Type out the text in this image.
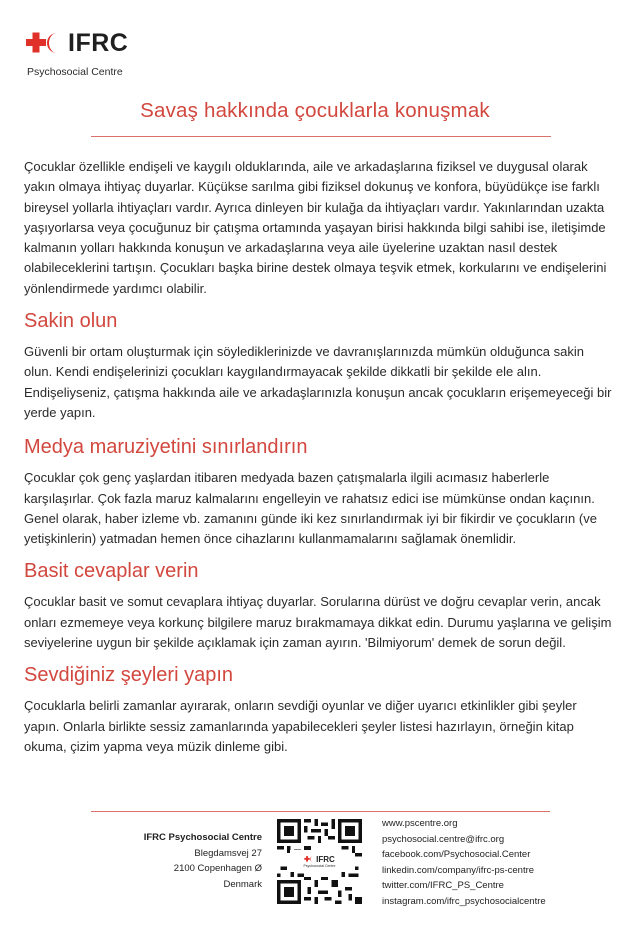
IFRC
Psychosocial Centre
Savaş hakkında çocuklarla konuşmak

Çocuklar özellikle endişeli ve kaygılı olduklarında, aile ve arkadaşlarına fiziksel ve duygusal olarak yakın olmaya ihtiyaç duyarlar. Küçükse sarılma gibi fiziksel dokunuş ve konfora, büyüdükçe ise farklı bireysel yollarla ihtiyaçları vardır. Ayrıca dinleyen bir kulağa da ihtiyaçları vardır. Yakınlarından uzakta yaşıyorlarsa veya çocuğunuz bir çatışma ortamında yaşayan birisi hakkında bilgi sahibi ise, iletişimde kalmanın yolları hakkında konuşun ve arkadaşlarına veya aile üyelerine uzaktan nasıl destek olabileceklerini tartışın. Çocukları başka birine destek olmaya teşvik etmek, korkularını ve endişelerini yönlendirmede yardımcı olabilir.

Sakin olun

Güvenli bir ortam oluşturmak için söylediklerinizde ve davranışlarınızda mümkün olduğunca sakin olun. Kendi endişelerinizi çocukları kaygılandırmayacak şekilde dikkatli bir şekilde ele alın. Endişeliyseniz, çatışma hakkında aile ve arkadaşlarınızla konuşun ancak çocukların erişemeyeceği bir yerde yapın.

Medya maruziyetini sınırlandırın

Çocuklar çok genç yaşlardan itibaren medyada bazen çatışmalarla ilgili acımasız haberlerle karşılaşırlar. Çok fazla maruz kalmalarını engelleyin ve rahatsız edici ise mümkünse ondan kaçının. Genel olarak, haber izleme vb. zamanını günde iki kez sınırlandırmak iyi bir fikirdir ve çocukların (ve yetişkinlerin) yatmadan hemen önce cihazlarını kullanmamalarını sağlamak önemlidir.

Basit cevaplar verin

Çocuklar basit ve somut cevaplara ihtiyaç duyarlar. Sorularına dürüst ve doğru cevaplar verin, ancak onları ezmemeye veya korkunç bilgilere maruz bırakmamaya dikkat edin. Durumu yaşlarına ve gelişim seviyelerine uygun bir şekilde açıklamak için zaman ayırın. 'Bilmiyorum' demek de sorun değil.

Sevdiğiniz şeyleri yapın

Çocuklarla belirli zamanlar ayırarak, onların sevdiği oyunlar ve diğer uyarıcı etkinlikler gibi şeyler yapın. Onlarla birlikte sessiz zamanlarında yapabilecekleri şeyler listesi hazırlayın, örneğin kitap okuma, çizim yapma veya müzik dinleme gibi.

IFRC Psychosocial Centre
Blegdamsvej 27
2100 Copenhagen Ø
Denmark
IFRC
Psychosocial Centre
www.pscentre.org
psychosocial.centre@ifrc.org
facebook.com/Psychosocial.Center
linkedin.com/company/ifrc-ps-centre
twitter.com/IFRC_PS_Centre
instagram.com/ifrc_psychosocialcentre
